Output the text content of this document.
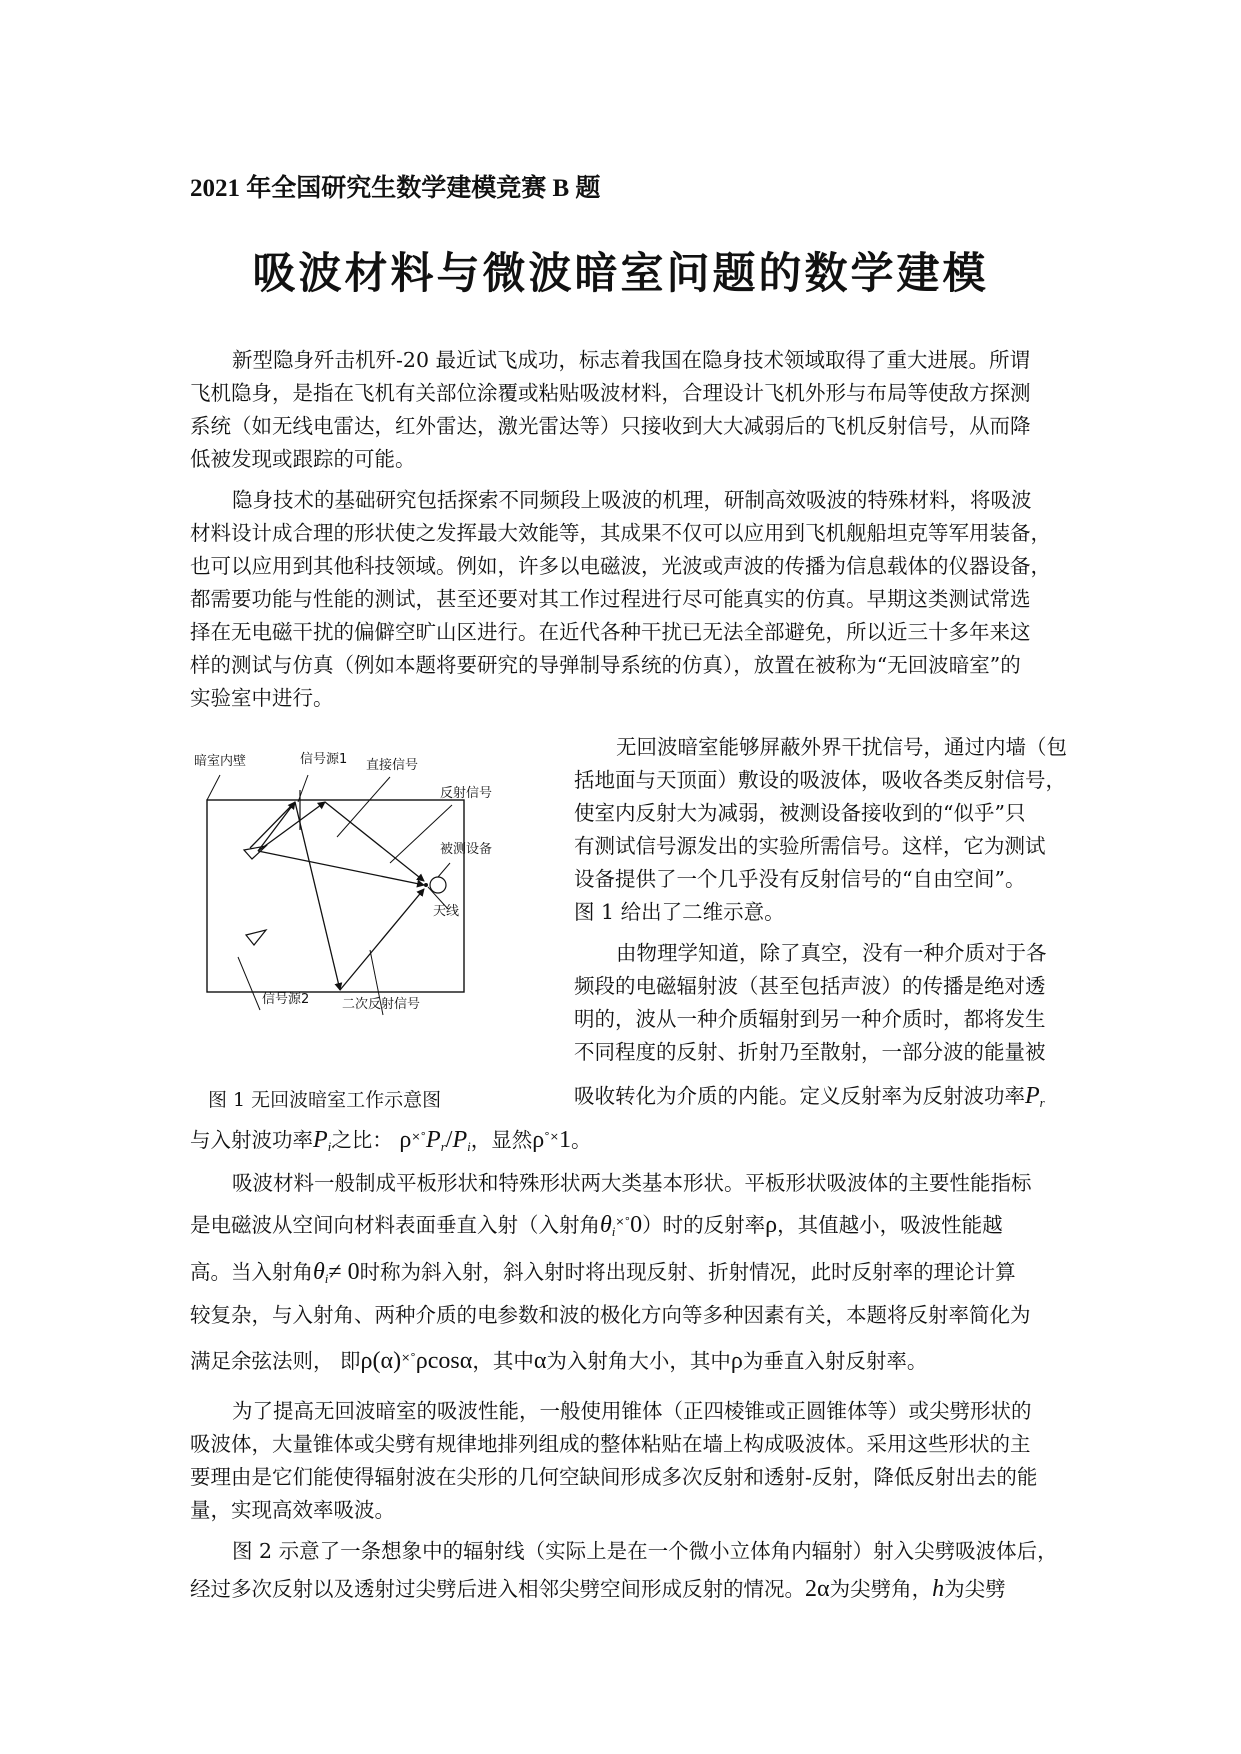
2021 年全国研究生数学建模竞赛 B 题
吸波材料与微波暗室问题的数学建模
新型隐身歼击机歼-20 最近试飞成功，标志着我国在隐身技术领域取得了重大进展。所谓
飞机隐身，是指在飞机有关部位涂覆或粘贴吸波材料，合理设计飞机外形与布局等使敌方探测
系统（如无线电雷达，红外雷达，激光雷达等）只接收到大大减弱后的飞机反射信号，从而降
低被发现或跟踪的可能。
隐身技术的基础研究包括探索不同频段上吸波的机理，研制高效吸波的特殊材料，将吸波
材料设计成合理的形状使之发挥最大效能等，其成果不仅可以应用到飞机舰船坦克等军用装备，
也可以应用到其他科技领域。例如，许多以电磁波，光波或声波的传播为信息载体的仪器设备，
都需要功能与性能的测试，甚至还要对其工作过程进行尽可能真实的仿真。早期这类测试常选
择在无电磁干扰的偏僻空旷山区进行。在近代各种干扰已无法全部避免，所以近三十多年来这
样的测试与仿真（例如本题将要研究的导弹制导系统的仿真），放置在被称为“无回波暗室”的
实验室中进行。
暗室内壁	信号源1 直接信号
反射信号
被测设备
天线
信号源2	二次反射信号
图 1 无回波暗室工作示意图
无回波暗室能够屏蔽外界干扰信号，通过内墙（包
括地面与天顶面）敷设的吸波体，吸收各类反射信号，
使室内反射大为减弱，被测设备接收到的“似乎”只
有测试信号源发出的实验所需信号。这样，它为测试
设备提供了一个几乎没有反射信号的“自由空间”。
图 1 给出了二维示意。
由物理学知道，除了真空，没有一种介质对于各
频段的电磁辐射波（甚至包括声波）的传播是绝对透
明的，波从一种介质辐射到另一种介质时，都将发生
不同程度的反射、折射乃至散射，一部分波的能量被
吸收转化为介质的内能。定义反射率为反射波功率$P_r$
与入射波功率$P_i$之比： $\rho^{\times^\circ}P_r/P_i$，显然ρ°×1。
吸波材料一般制成平板形状和特殊形状两大类基本形状。平板形状吸波体的主要性能指标
是电磁波从空间向材料表面垂直入射（入射角$\theta_i^{\times^\circ}0$）时的反射率ρ，其值越小，吸波性能越
高。当入射角$\theta_i\ne 0$时称为斜入射，斜入射时将出现反射、折射情况，此时反射率的理论计算
较复杂，与入射角、两种介质的电参数和波的极化方向等多种因素有关，本题将反射率简化为
满足余弦法则， 即ρ(α)×°ρcosα，其中α为入射角大小，其中ρ为垂直入射反射率。
为了提高无回波暗室的吸波性能，一般使用锥体（正四棱锥或正圆锥体等）或尖劈形状的
吸波体，大量锥体或尖劈有规律地排列组成的整体粘贴在墙上构成吸波体。采用这些形状的主
要理由是它们能使得辐射波在尖形的几何空缺间形成多次反射和透射-反射，降低反射出去的能
量，实现高效率吸波。
图 2 示意了一条想象中的辐射线（实际上是在一个微小立体角内辐射）射入尖劈吸波体后，
经过多次反射以及透射过尖劈后进入相邻尖劈空间形成反射的情况。2α为尖劈角，h为尖劈
